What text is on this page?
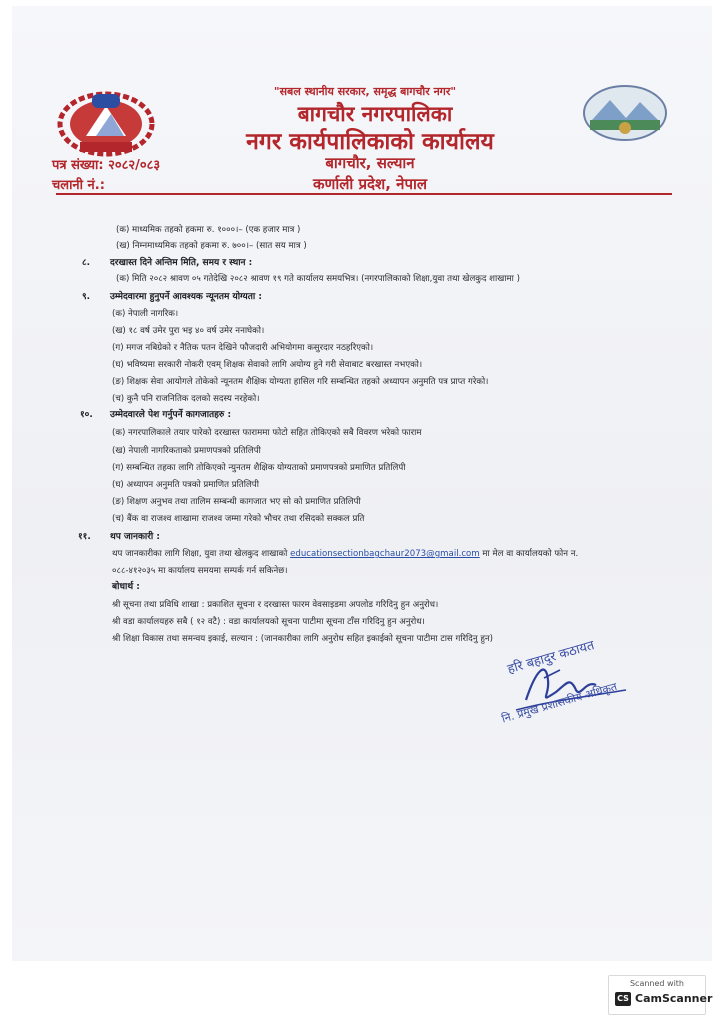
"सबल स्थानीय सरकार, समृद्ध बागचौर नगर"
बागचौर नगरपालिका
नगर कार्यपालिकाको कार्यालय
बागचौर, सल्यान
कर्णाली प्रदेश, नेपाल
पत्र संख्या: २०८२/०८३
चलानी नं.:
(क) माध्यमिक तहको हकमा रु. १०००।– (एक हजार मात्र )
(ख) निम्नमाध्यमिक तहको हकमा रु. ७००।– (सात सय मात्र )
८. दरखास्त दिने अन्तिम मिति, समय र स्थान :
(क) मिति २०८२ श्रावण ०५ गतेदेखि २०८२ श्रावण १९ गते कार्यालय समयभित्र। (नगरपालिकाको शिक्षा,युवा तथा खेलकुद शाखामा )
९. उम्मेदवारमा हुनुपर्ने आवश्यक न्यूनतम योग्यता :
(क) नेपाली नागरिक।
(ख) १८ वर्ष उमेर पुरा भइ ४० वर्ष उमेर ननाघेको।
(ग) मगज नबिग्रेको र नैतिक पतन देखिने फौजदारी अभियोगमा कसुरदार नठहरिएको।
(घ) भविष्यमा सरकारी नोकरी एवम् शिक्षक सेवाको लागि अयोग्य हुने गरी सेवाबाट बरखास्त नभएको।
(ङ) शिक्षक सेवा आयोगले तोकेको न्यूनतम शैक्षिक योग्यता हासिल गरि सम्बन्धित तहको अध्यापन अनुमति पत्र प्राप्त गरेको।
(च) कुनै पनि राजनितिक दलको सदस्य नरहेको।
१०. उम्मेदवारले पेश गर्नुपर्ने कागजातहरु :
(क) नगरपालिकाले तयार पारेको दरखास्त फाराममा फोटो सहित तोकिएको सबै विवरण भरेको फाराम
(ख) नेपाली नागरिकताको प्रमाणपत्रको प्रतिलिपी
(ग) सम्बन्धित तहका लागि तोकिएको न्युनतम शैक्षिक योग्यताको प्रमाणपत्रको प्रमाणित प्रतिलिपी
(घ) अध्यापन अनुमति पत्रको प्रमाणित प्रतिलिपी
(ङ) शिक्षण अनुभव तथा तालिम सम्बन्धी कागजात भए सो को प्रमाणित प्रतिलिपी
(च) बैंक वा राजश्व शाखामा राजश्व जम्मा गरेको भौचर तथा रसिदको सक्कल प्रति
११. थप जानकारी :
थप जानकारीका लागि शिक्षा, युवा तथा खेलकुद शाखाको educationsectionbagchaur2073@gmail.com मा मेल वा कार्यालयको फोन न.
०८८-४१२०३५ मा कार्यालय समयमा सम्पर्क गर्न सकिनेछ।
बोधार्थ :
श्री सूचना तथा प्रविधि शाखा : प्रकाशित सूचना र दरखास्त फारम वेवसाइडमा अपलोड गरिदिनु हुन अनुरोध।
श्री वडा कार्यालयहरु सबै ( १२ वटै) : वडा कार्यालयको सूचना पाटीमा सूचना टाँस गरिदिनु हुन अनुरोध।
श्री शिक्षा विकास तथा समन्वय इकाई, सल्यान : (जानकारीका लागि अनुरोध सहित इकाईको सूचना पाटीमा टास गरिदिनु हुन) हरि बहादुर कठायत
नि. प्रमुख प्रशासकीय अधिकृत
Scanned with
CS CamScanner
